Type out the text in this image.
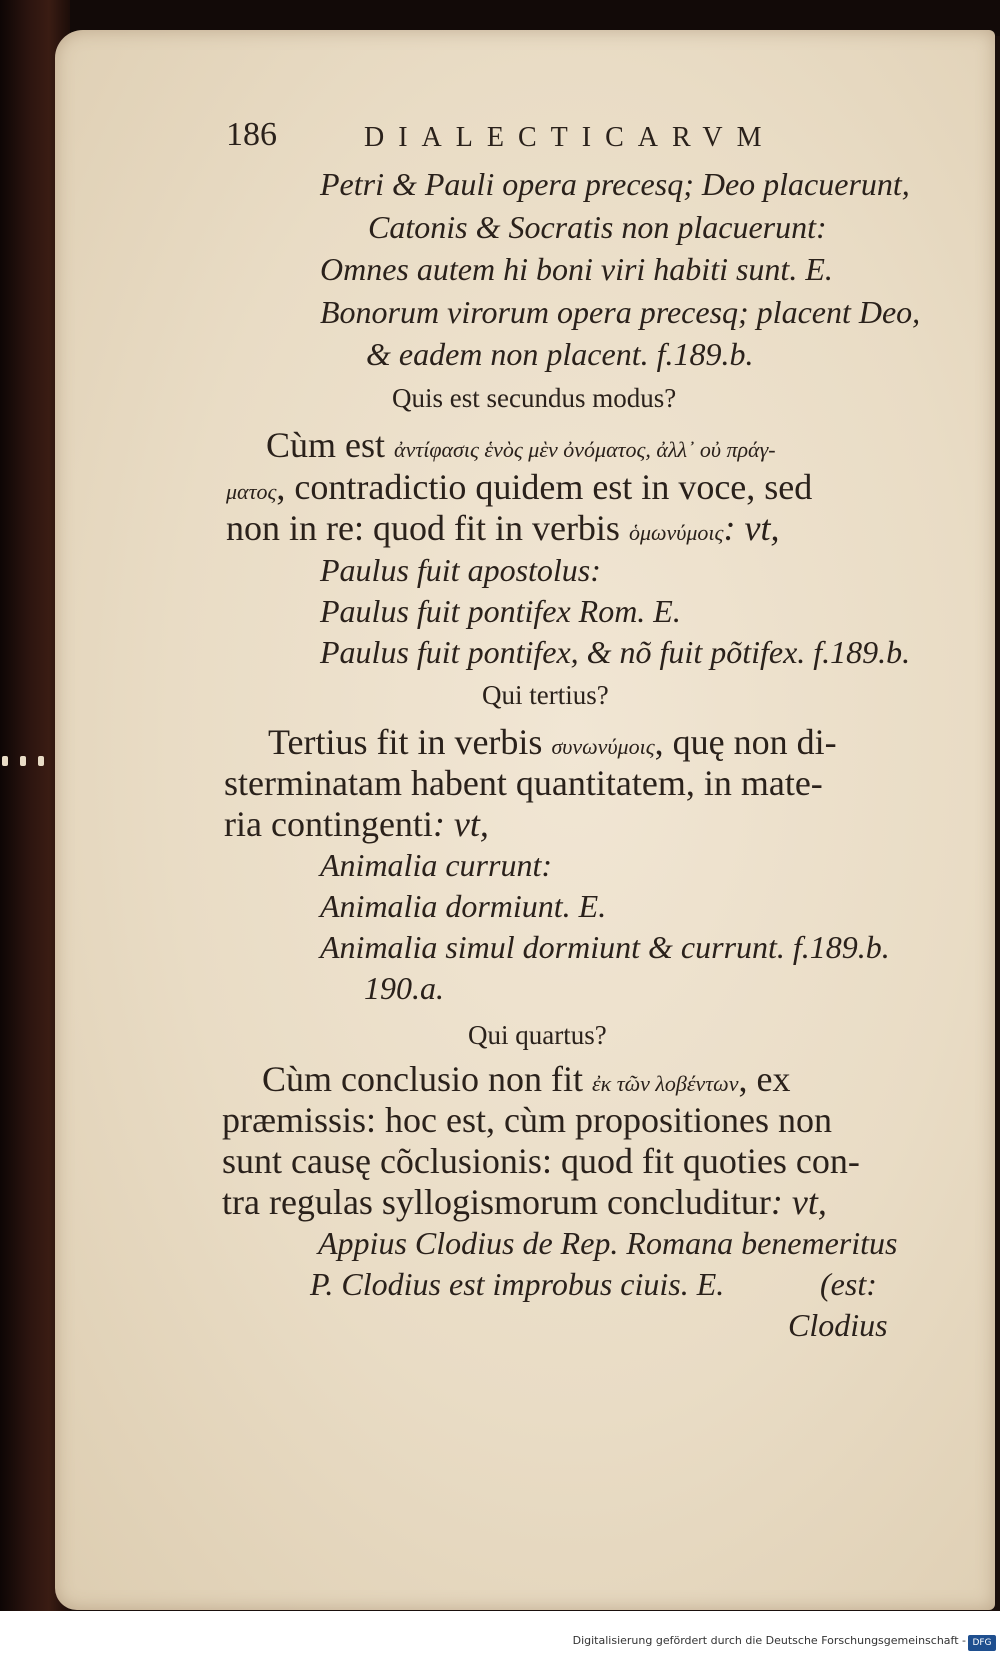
186	DIALECTICARVM
Petri & Pauli opera precesq; Deo placuerunt,
Catonis & Socratis non placuerunt:
Omnes autem hi boni viri habiti sunt. E.
Bonorum virorum opera precesq; placent Deo,
& eadem non placent. f.189.b.
Quis est secundus modus?
Cùm est ἀντίφασις ἑνὸς μὲν ὀνόματος, ἀλλ᾽ οὐ πράγ-
ματος, contradictio quidem est in voce, sed
non in re: quod fit in verbis ὁμωνύμοις: vt,
Paulus fuit apostolus:
Paulus fuit pontifex Rom. E.
Paulus fuit pontifex, & nõ fuit põtifex. f.189.b.
Qui tertius?
Tertius fit in verbis συνωνύμοις, quę non di-
sterminatam habent quantitatem, in mate-
ria contingenti: vt,
Animalia currunt:
Animalia dormiunt. E.
Animalia simul dormiunt & currunt. f.189.b.
190.a.
Qui quartus?
Cùm conclusio non fit ἐκ τῶν λοβέντων, ex
præmissis: hoc est, cùm propositiones non
sunt causę cõclusionis: quod fit quoties con-
tra regulas syllogismorum concluditur: vt,
Appius Clodius de Rep. Romana benemeritus
P. Clodius est improbus ciuis. E.	(est:
Clodius
Digitalisierung gefördert durch die Deutsche Forschungsgemeinschaft - DFG
